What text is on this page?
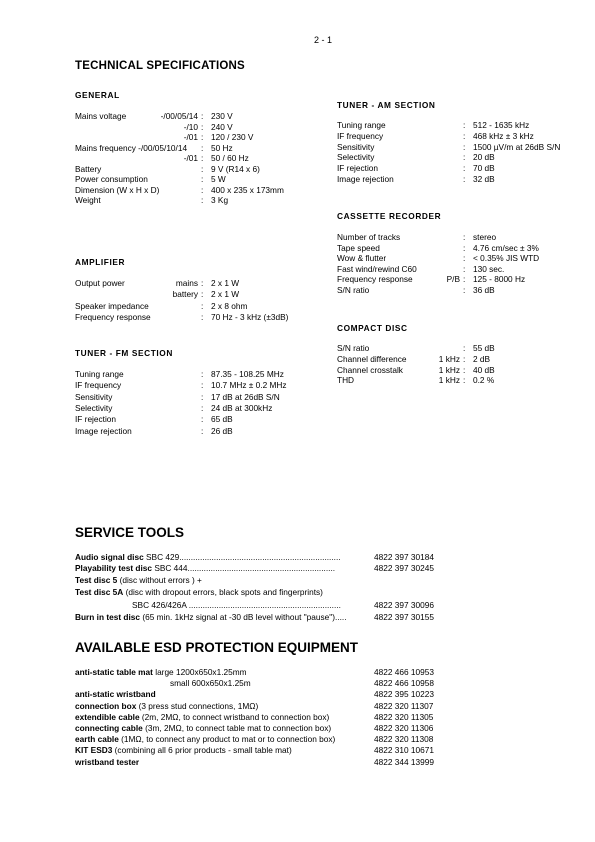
2 - 1
TECHNICAL SPECIFICATIONS
GENERAL
Mains voltage	-/00/05/14 : 230 V
-/10 : 240 V
-/01 : 120 / 230 V
Mains frequency -/00/05/10/14 : 50 Hz
-/01 : 50 / 60 Hz
Battery	: 9 V (R14 x 6)
Power consumption	: 5 W
Dimension (W x H x D)	: 400 x 235 x 173mm
Weight	: 3 Kg
AMPLIFIER
Output power	mains : 2 x 1 W
battery : 2 x 1 W
Speaker impedance	: 2 x 8 ohm
Frequency response	: 70 Hz - 3 kHz (±3dB)
TUNER - FM SECTION
Tuning range	: 87.35 - 108.25 MHz
IF frequency	: 10.7 MHz ± 0.2 MHz
Sensitivity	: 17 dB at 26dB S/N
Selectivity	: 24 dB at 300kHz
IF rejection	: 65 dB
Image rejection	: 26 dB
TUNER - AM SECTION
Tuning range	: 512 - 1635 kHz
IF frequency	: 468 kHz ± 3 kHz
Sensitivity	: 1500 µV/m at 26dB S/N
Selectivity	: 20 dB
IF rejection	: 70 dB
Image rejection	: 32 dB
CASSETTE RECORDER
Number of tracks	: stereo
Tape speed	: 4.76 cm/sec ± 3%
Wow & flutter	: < 0.35% JIS WTD
Fast wind/rewind C60	: 130 sec.
Frequency response	P/B : 125 - 8000 Hz
S/N ratio	: 36 dB
COMPACT DISC
S/N ratio	: 55 dB
Channel difference	1 kHz : 2 dB
Channel crosstalk	1 kHz : 40 dB
THD	1 kHz : 0.2 %
SERVICE TOOLS
Audio signal disc SBC 429......................................................................	4822 397 30184
Playability test disc SBC 444................................................................	4822 397 30245
Test disc 5 (disc without errors ) +
Test disc 5A (disc with dropout errors, black spots and fingerprints)
SBC 426/426A ..................................................................	4822 397 30096
Burn in test disc (65 min. 1kHz signal at -30 dB level without "pause").....	4822 397 30155
AVAILABLE ESD PROTECTION EQUIPMENT
anti-static table mat large 1200x650x1.25mm	4822 466 10953
small 600x650x1.25m	4822 466 10958
anti-static wristband	4822 395 10223
connection box (3 press stud connections, 1MΩ)	4822 320 11307
extendible cable (2m, 2MΩ, to connect wristband to connection box)	4822 320 11305
connecting cable (3m, 2MΩ, to connect table mat to connection box)	4822 320 11306
earth cable (1MΩ, to connect any product to mat or to connection box)	4822 320 11308
KIT ESD3 (combining all 6 prior products - small table mat)	4822 310 10671
wristband tester	4822 344 13999
